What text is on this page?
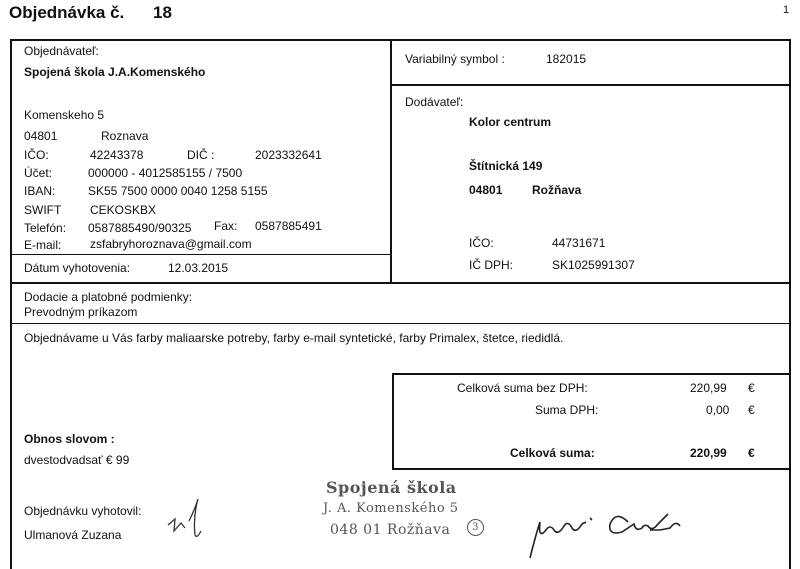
Objednávka č. 18	1
Objednávateľ:
Spojená škola J.A.Komenského
Komenskeho 5
04801	Roznava
IČO:	42243378	DIČ :	2023332641
Účet:	000000 - 4012585155 / 7500
IBAN:	SK55 7500 0000 0040 1258 5155
SWIFT CEKOSKBX
Telefón: 0587885490/90325 Fax: 0587885491
E-mail: zsfabryhoroznava@gmail.com
Dátum vyhotovenia:	12.03.2015
Variabilný symbol :	182015
Dodávateľ:
Kolor centrum
Štítnická 149
04801 Rožňava
IČO:	44731671
IČ DPH:	SK1025991307
Dodacie a platobné podmienky:
Prevodným príkazom
Objednávame u Vás farby maliaarske potreby, farby e-mail syntetické, farby Primalex, štetce, riedidlá.
Celková suma bez DPH:	220,99 €
Suma DPH:	0,00 €
Celková suma:	220,99 €
Obnos slovom :
dvestodvadsať € 99
Objednávku vyhotovil:
Ulmanová Zuzana
Spojená škola
J. A. Komenského 5
048 01 Rožňava	3
